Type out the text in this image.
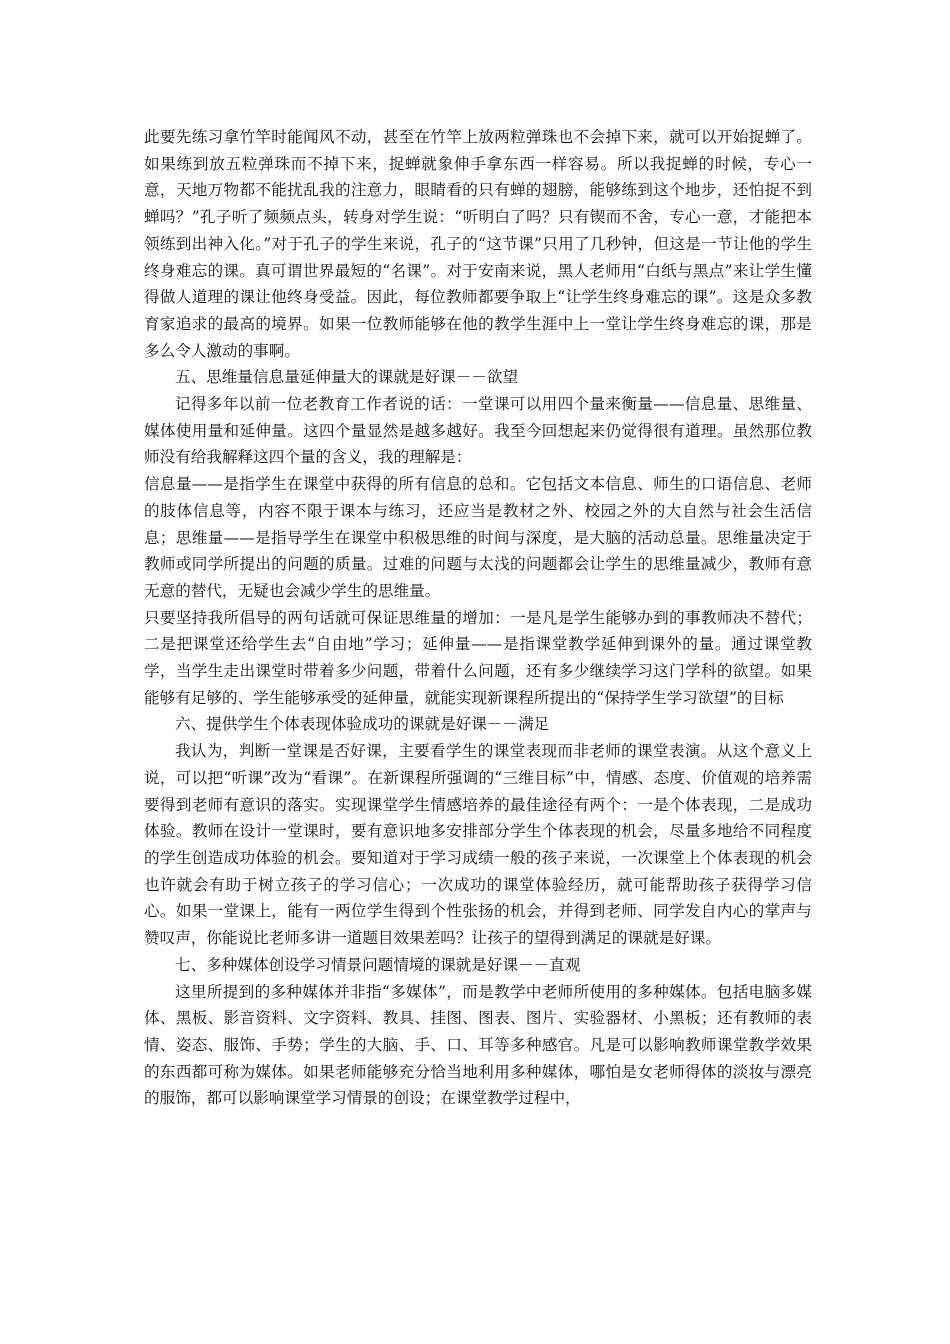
此要先练习拿竹竿时能闻风不动，甚至在竹竿上放两粒弹珠也不会掉下来，就可以开始捉蝉了。如果练到放五粒弹珠而不掉下来，捉蝉就象伸手拿东西一样容易。所以我捉蝉的时候，专心一意，天地万物都不能扰乱我的注意力，眼睛看的只有蝉的翅膀，能够练到这个地步，还怕捉不到蝉吗？”孔子听了频频点头，转身对学生说：“听明白了吗？只有锲而不舍，专心一意，才能把本领练到出神入化。”对于孔子的学生来说，孔子的“这节课”只用了几秒钟，但这是一节让他的学生终身难忘的课。真可谓世界最短的“名课”。对于安南来说，黑人老师用“白纸与黑点”来让学生懂得做人道理的课让他终身受益。因此，每位教师都要争取上“让学生终身难忘的课”。这是众多教育家追求的最高的境界。如果一位教师能够在他的教学生涯中上一堂让学生终身难忘的课，那是多么令人激动的事啊。

五、思维量信息量延伸量大的课就是好课－－欲望

记得多年以前一位老教育工作者说的话：一堂课可以用四个量来衡量——信息量、思维量、媒体使用量和延伸量。这四个量显然是越多越好。我至今回想起来仍觉得很有道理。虽然那位教师没有给我解释这四个量的含义，我的理解是：

信息量——是指学生在课堂中获得的所有信息的总和。它包括文本信息、师生的口语信息、老师的肢体信息等，内容不限于课本与练习，还应当是教材之外、校园之外的大自然与社会生活信息；思维量——是指导学生在课堂中积极思维的时间与深度，是大脑的活动总量。思维量决定于教师或同学所提出的问题的质量。过难的问题与太浅的问题都会让学生的思维量减少，教师有意无意的替代，无疑也会减少学生的思维量。

只要坚持我所倡导的两句话就可保证思维量的增加：一是凡是学生能够办到的事教师决不替代；二是把课堂还给学生去“自由地”学习；延伸量——是指课堂教学延伸到课外的量。通过课堂教学，当学生走出课堂时带着多少问题，带着什么问题，还有多少继续学习这门学科的欲望。如果能够有足够的、学生能够承受的延伸量，就能实现新课程所提出的“保持学生学习欲望”的目标

六、提供学生个体表现体验成功的课就是好课－－满足

我认为，判断一堂课是否好课，主要看学生的课堂表现而非老师的课堂表演。从这个意义上说，可以把“听课”改为“看课”。在新课程所强调的“三维目标”中，情感、态度、价值观的培养需要得到老师有意识的落实。实现课堂学生情感培养的最佳途径有两个：一是个体表现，二是成功体验。教师在设计一堂课时，要有意识地多安排部分学生个体表现的机会，尽量多地给不同程度的学生创造成功体验的机会。要知道对于学习成绩一般的孩子来说，一次课堂上个体表现的机会也许就会有助于树立孩子的学习信心；一次成功的课堂体验经历，就可能帮助孩子获得学习信心。如果一堂课上，能有一两位学生得到个性张扬的机会，并得到老师、同学发自内心的掌声与赞叹声，你能说比老师多讲一道题目效果差吗？让孩子的望得到满足的课就是好课。

七、多种媒体创设学习情景问题情境的课就是好课－－直观

这里所提到的多种媒体并非指“多媒体”，而是教学中老师所使用的多种媒体。包括电脑多媒体、黑板、影音资料、文字资料、教具、挂图、图表、图片、实验器材、小黑板；还有教师的表情、姿态、服饰、手势；学生的大脑、手、口、耳等多种感官。凡是可以影响教师课堂教学效果的东西都可称为媒体。如果老师能够充分恰当地利用多种媒体，哪怕是女老师得体的淡妆与漂亮的服饰，都可以影响课堂学习情景的创设；在课堂教学过程中，
